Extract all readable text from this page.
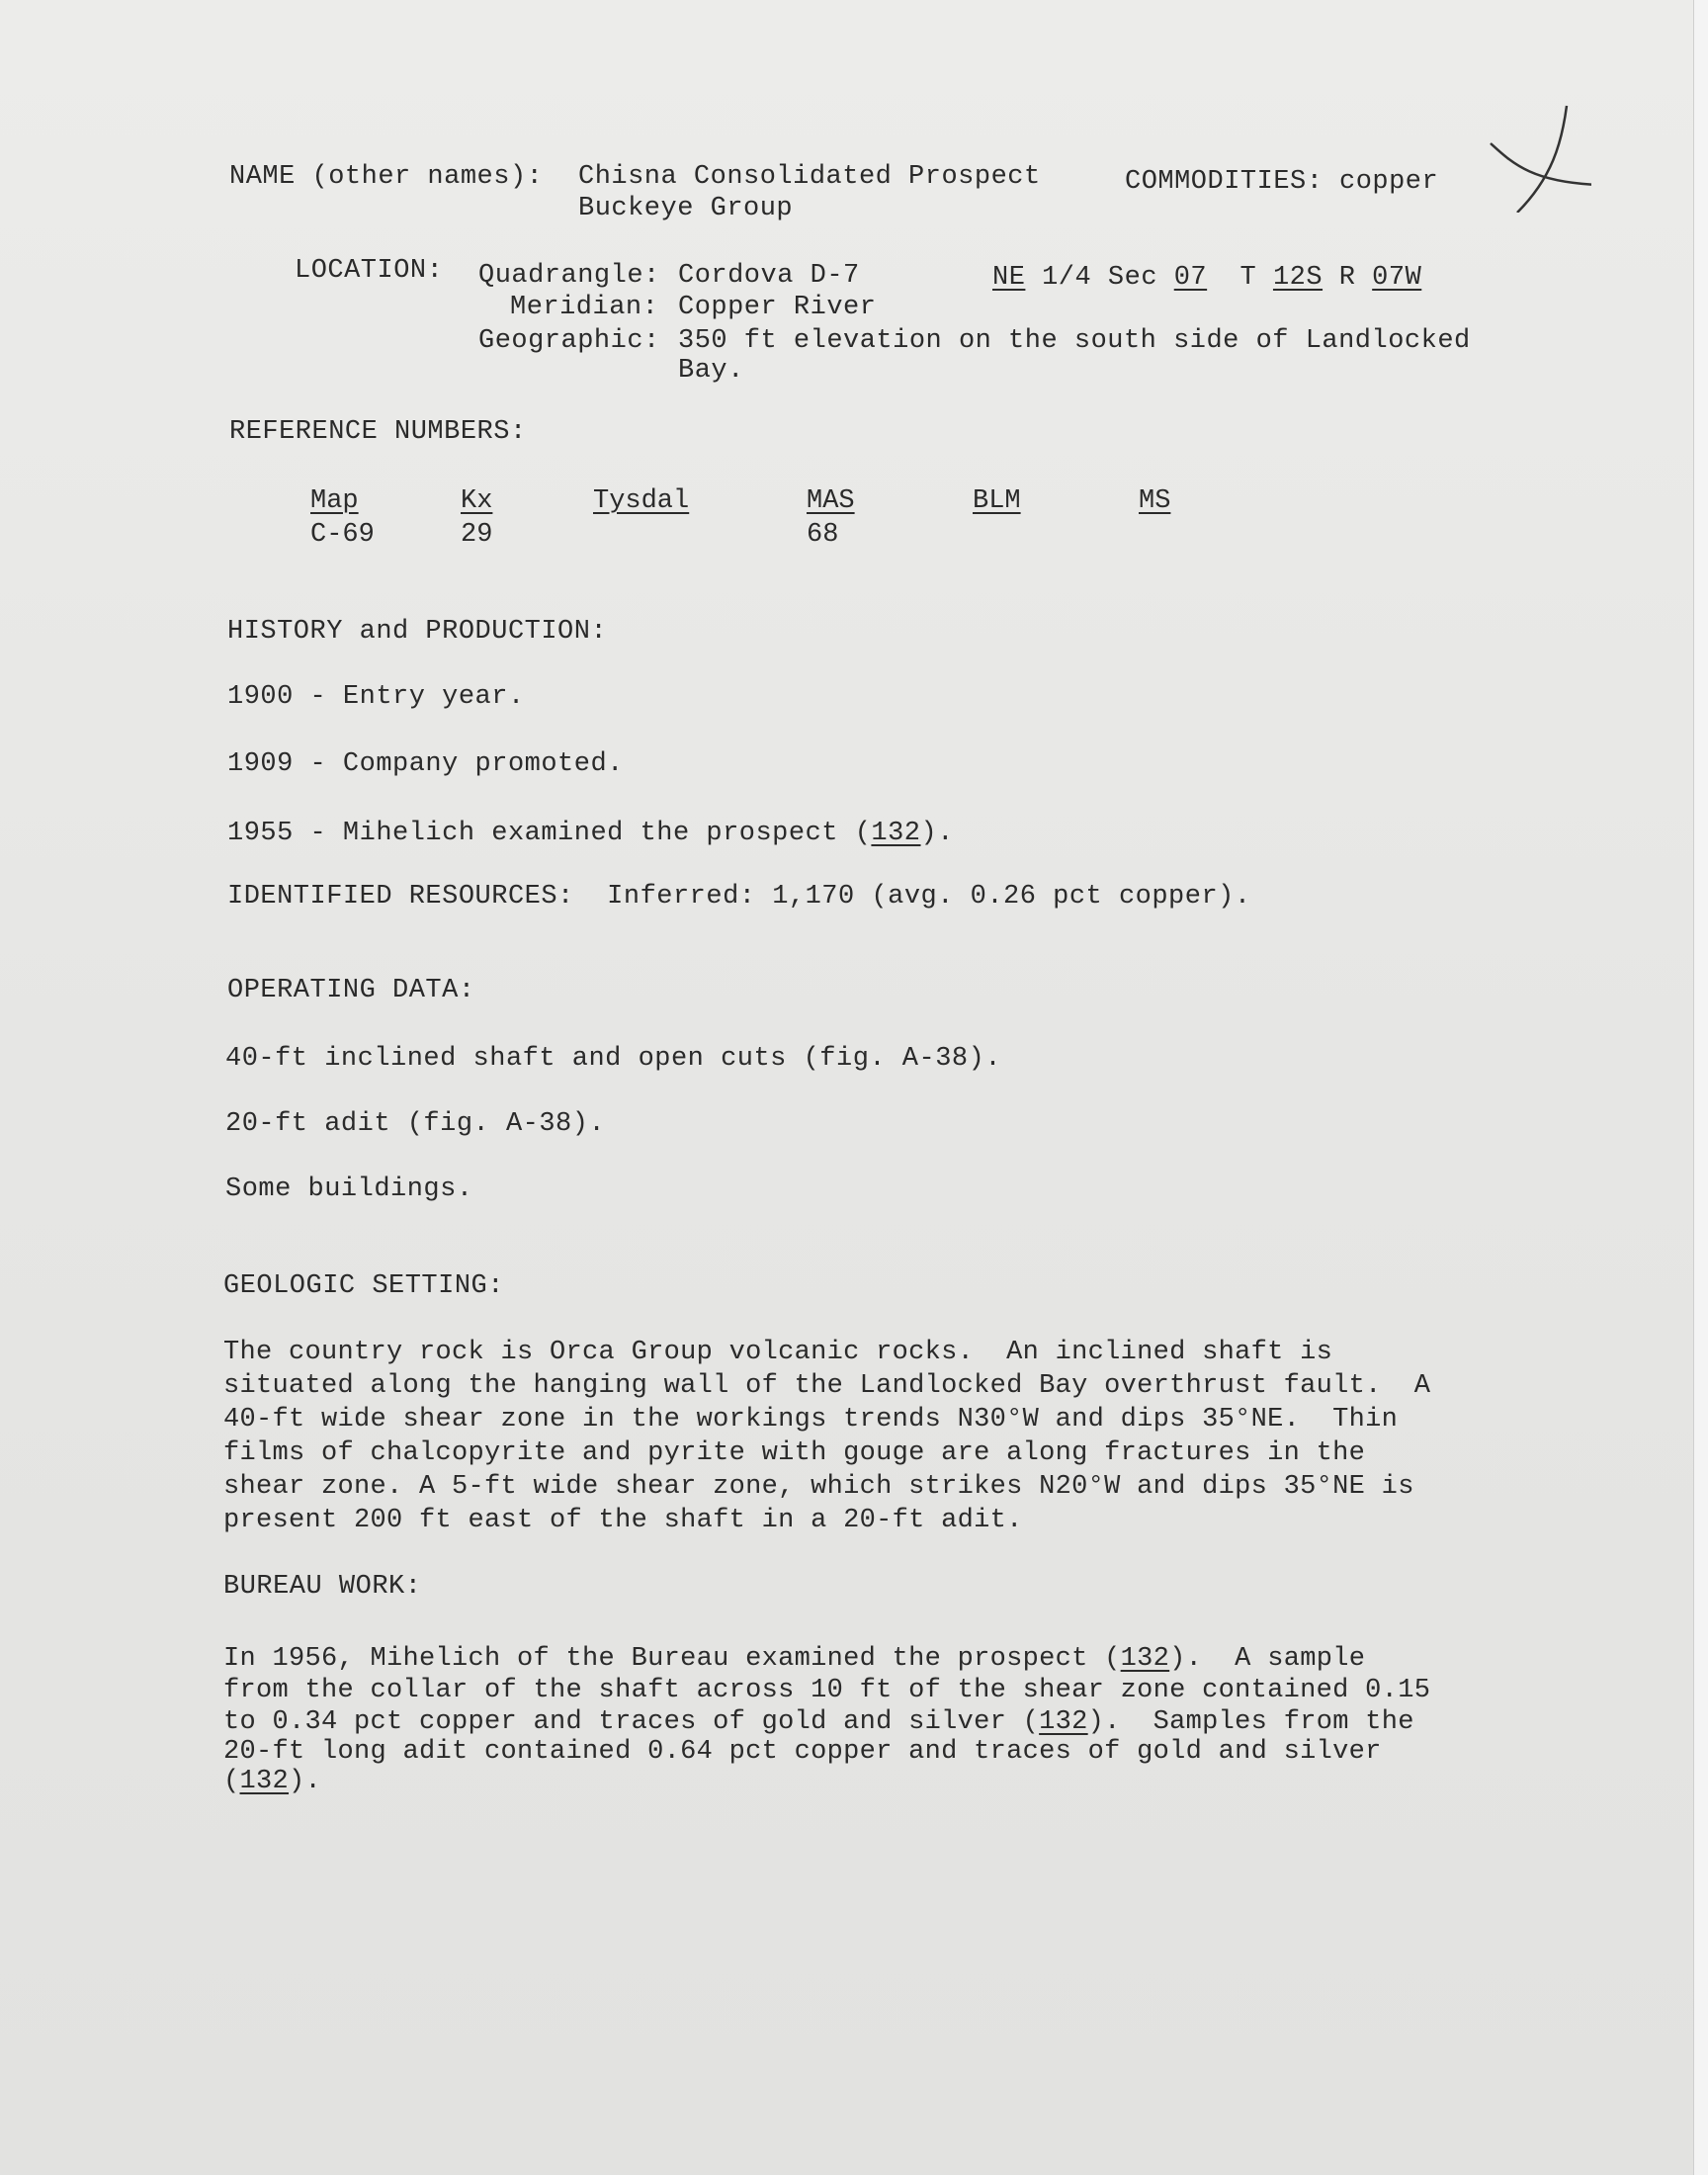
NAME (other names): Chisna Consolidated Prospect
Buckeye Group
COMMODITIES: copper
LOCATION: Quadrangle: Cordova D-7
Meridian: Copper River
Geographic: 350 ft elevation on the south side of Landlocked
Bay.
NE 1/4 Sec 07 T 12S R 07W
REFERENCE NUMBERS:
Map
C-69
Kx
29
Tysdal	MAS
68
BLM	MS
HISTORY and PRODUCTION:
1900 - Entry year.
1909 - Company promoted.
1955 - Mihelich examined the prospect (132).
IDENTIFIED RESOURCES: Inferred: 1,170 (avg. 0.26 pct copper).
OPERATING DATA:
40-ft inclined shaft and open cuts (fig. A-38).
20-ft adit (fig. A-38).
Some buildings.
GEOLOGIC SETTING:
The country rock is Orca Group volcanic rocks.  An inclined shaft is
situated along the hanging wall of the Landlocked Bay overthrust fault.  A
40-ft wide shear zone in the workings trends N30°W and dips 35°NE.  Thin
films of chalcopyrite and pyrite with gouge are along fractures in the
shear zone. A 5-ft wide shear zone, which strikes N20°W and dips 35°NE is
present 200 ft east of the shaft in a 20-ft adit.
BUREAU WORK:
In 1956, Mihelich of the Bureau examined the prospect (132).  A sample
from the collar of the shaft across 10 ft of the shear zone contained 0.15
to 0.34 pct copper and traces of gold and silver (132).  Samples from the
20-ft long adit contained 0.64 pct copper and traces of gold and silver
(132).
